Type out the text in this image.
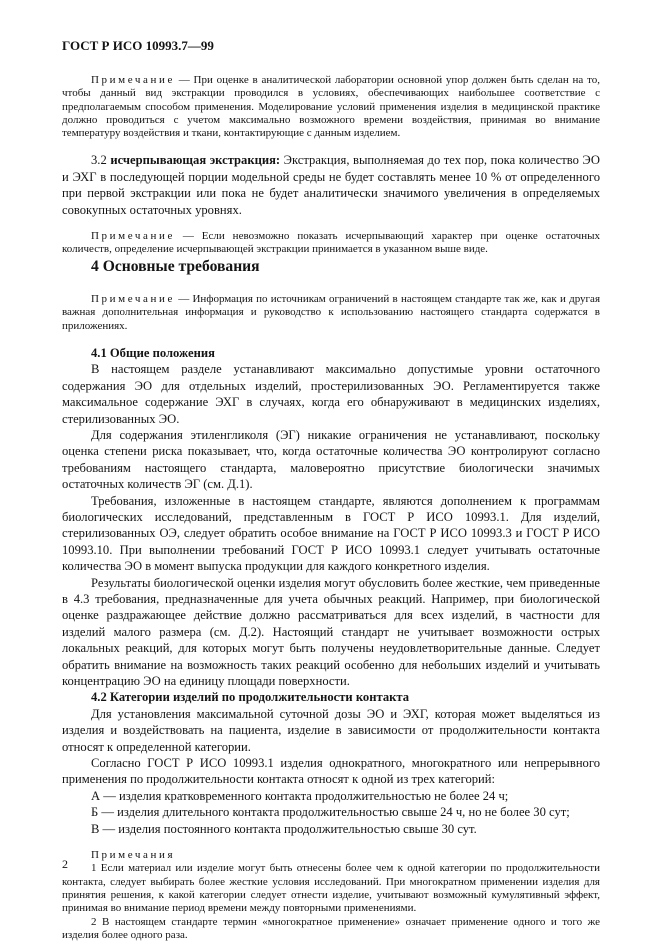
ГОСТ Р ИСО 10993.7—99

Примечание — При оценке в аналитической лаборатории основной упор должен быть сделан на то, чтобы данный вид экстракции проводился в условиях, обеспечивающих наибольшее соответствие с предполагаемым способом применения. Моделирование условий применения изделия в медицинской практике должно проводиться с учетом максимально возможного времени воздействия, принимая во внимание температуру воздействия и ткани, контактирующие с данным изделием.

3.2 исчерпывающая экстракция: Экстракция, выполняемая до тех пор, пока количество ЭО и ЭХГ в последующей порции модельной среды не будет составлять менее 10 % от определенного при первой экстракции или пока не будет аналитически значимого увеличения в определяемых совокупных остаточных уровнях.

Примечание — Если невозможно показать исчерпывающий характер при оценке остаточных количеств, определение исчерпывающей экстракции принимается в указанном выше виде.

4 Основные требования

Примечание — Информация по источникам ограничений в настоящем стандарте так же, как и другая важная дополнительная информация и руководство к использованию настоящего стандарта содержатся в приложениях.

4.1 Общие положения

В настоящем разделе устанавливают максимально допустимые уровни остаточного содержания ЭО для отдельных изделий, простерилизованных ЭО. Регламентируется также максимальное содержание ЭХГ в случаях, когда его обнаруживают в медицинских изделиях, стерилизованных ЭО.

Для содержания этиленгликоля (ЭГ) никакие ограничения не устанавливают, поскольку оценка степени риска показывает, что, когда остаточные количества ЭО контролируют согласно требованиям настоящего стандарта, маловероятно присутствие биологически значимых остаточных количеств ЭГ (см. Д.1).

Требования, изложенные в настоящем стандарте, являются дополнением к программам биологических исследований, представленным в ГОСТ Р ИСО 10993.1. Для изделий, стерилизованных ОЭ, следует обратить особое внимание на ГОСТ Р ИСО 10993.3 и ГОСТ Р ИСО 10993.10. При выполнении требований ГОСТ Р ИСО 10993.1 следует учитывать остаточные количества ЭО в момент выпуска продукции для каждого конкретного изделия.

Результаты биологической оценки изделия могут обусловить более жесткие, чем приведенные в 4.3 требования, предназначенные для учета обычных реакций. Например, при биологической оценке раздражающее действие должно рассматриваться для всех изделий, в частности для изделий малого размера (см. Д.2). Настоящий стандарт не учитывает возможности острых локальных реакций, для которых могут быть получены неудовлетворительные данные. Следует обратить внимание на возможность таких реакций особенно для небольших изделий и учитывать концентрацию ЭО на единицу площади поверхности.

4.2 Категории изделий по продолжительности контакта

Для установления максимальной суточной дозы ЭО и ЭХГ, которая может выделяться из изделия и воздействовать на пациента, изделие в зависимости от продолжительности контакта относят к определенной категории.

Согласно ГОСТ Р ИСО 10993.1 изделия однократного, многократного или непрерывного применения по продолжительности контакта относят к одной из трех категорий:

А — изделия кратковременного контакта продолжительностью не более 24 ч;
Б — изделия длительного контакта продолжительностью свыше 24 ч, но не более 30 сут;
В — изделия постоянного контакта продолжительностью свыше 30 сут.

Примечания

1 Если материал или изделие могут быть отнесены более чем к одной категории по продолжительности контакта, следует выбирать более жесткие условия исследований. При многократном применении изделия для принятия решения, к какой категории следует отнести изделие, учитывают возможный кумулятивный эффект, принимая во внимание период времени между повторными применениями.

2 В настоящем стандарте термин «многократное применение» означает применение одного и того же изделия более одного раза.

2
